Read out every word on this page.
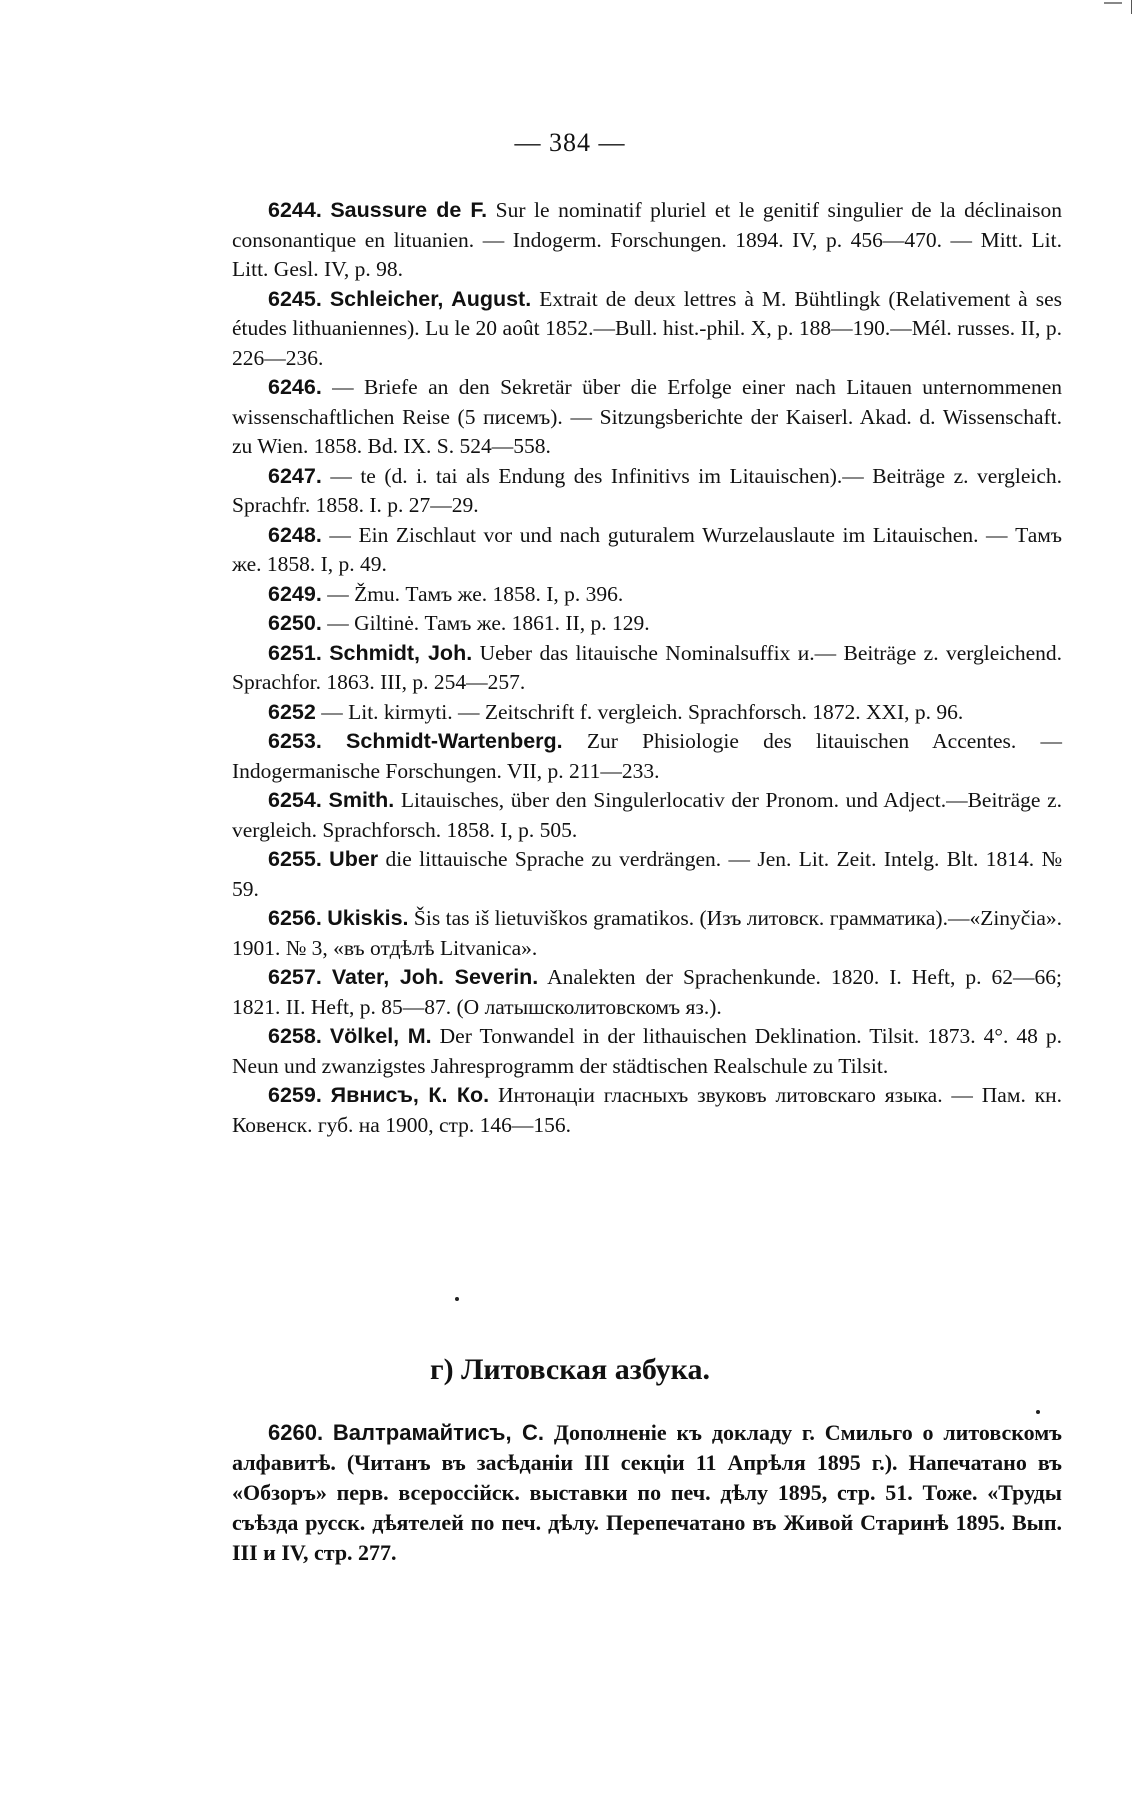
— 384 —

6244. Saussure de F. Sur le nominatif pluriel et le genitif singulier de la déclinaison consonantique en lituanien. — Indogerm. Forschungen. 1894. IV, p. 456—470. — Mitt. Lit. Litt. Gesl. IV, p. 98.

6245. Schleicher, August. Extrait de deux lettres à M. Bühtlingk (Relativement à ses études lithuaniennes). Lu le 20 août 1852.—Bull. hist.-phil. X, p. 188—190.—Mél. russes. II, p. 226—236.

6246. — Briefe an den Sekretär über die Erfolge einer nach Litauen unternommenen wissenschaftlichen Reise (5 писемъ). — Sitzungsberichte der Kaiserl. Akad. d. Wissenschaft. zu Wien. 1858. Bd. IX. S. 524—558.

6247. — te (d. i. tai als Endung des Infinitivs im Litauischen).— Beiträge z. vergleich. Sprachfr. 1858. I. p. 27—29.

6248. — Ein Zischlaut vor und nach guturalem Wurzelauslaute im Litauischen. — Тамъ же. 1858. I, p. 49.

6249. — Žmu. Тамъ же. 1858. I, p. 396.

6250. — Giltinė. Тамъ же. 1861. II, p. 129.

6251. Schmidt, Joh. Ueber das litauische Nominalsuffix и.— Beiträge z. vergleichend. Sprachfor. 1863. III, p. 254—257.

6252 — Lit. kirmyti. — Zeitschrift f. vergleich. Sprachforsch. 1872. XXI, p. 96.

6253. Schmidt-Wartenberg. Zur Phisiologie des litauischen Accentes. — Indogermanische Forschungen. VII, p. 211—233.

6254. Smith. Litauisches, über den Singulerlocativ der Pronom. und Adject.—Beiträge z. vergleich. Sprachforsch. 1858. I, p. 505.

6255. Uber die littauische Sprache zu verdrängen. — Jen. Lit. Zeit. Intelg. Blt. 1814. № 59.

6256. Ukiskis. Šis tas iš lietuviškos gramatikos. (Изъ литовск. грамматика).—«Zinyčia». 1901. № 3, «въ отдѣлѣ Litvanica».

6257. Vater, Joh. Severin. Analekten der Sprachenkunde. 1820. I. Heft, p. 62—66; 1821. II. Heft, p. 85—87. (О латышсколитовскомъ яз.).

6258. Völkel, M. Der Tonwandel in der lithauischen Deklination. Tilsit. 1873. 4°. 48 p. Neun und zwanzigstes Jahresprogramm der städtischen Realschule zu Tilsit.

6259. Явнисъ, К. Ко. Интонаціи гласныхъ звуковъ литовскаго языка. — Пам. кн. Ковенск. губ. на 1900, стр. 146—156.

г) Литовская азбука.

6260. Валтрамайтисъ, С. Дополненіе къ докладу г. Смильго о литовскомъ алфавитѣ. (Читанъ въ засѣданіи III секціи 11 Апрѣля 1895 г.). Напечатано въ «Обзоръ» перв. всероссійск. выставки по печ. дѣлу 1895, стр. 51. Тоже. «Труды съѣзда русск. дѣятелей по печ. дѣлу. Перепечатано въ Живой Старинѣ 1895. Вып. III и IV, стр. 277.
